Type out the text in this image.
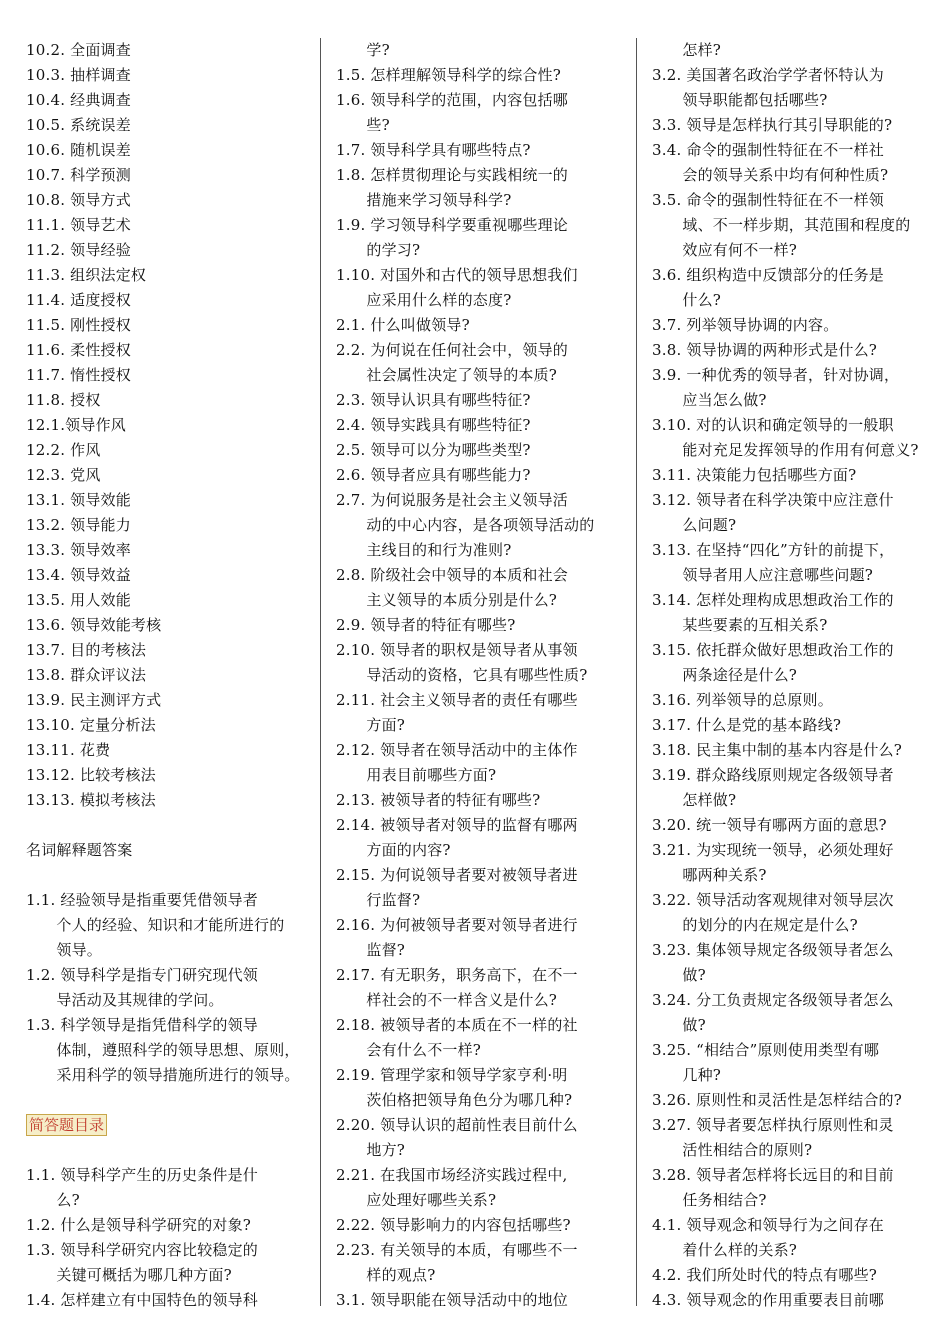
10.2. 全面调查
10.3. 抽样调查
10.4. 经典调查
10.5. 系统误差
10.6. 随机误差
10.7. 科学预测
10.8. 领导方式
11.1. 领导艺术
11.2. 领导经验
11.3. 组织法定权
11.4. 适度授权
11.5. 刚性授权
11.6. 柔性授权
11.7. 惰性授权
11.8. 授权
12.1.领导作风
12.2. 作风
12.3. 党风
13.1. 领导效能
13.2. 领导能力
13.3. 领导效率
13.4. 领导效益
13.5. 用人效能
13.6. 领导效能考核
13.7. 目的考核法
13.8. 群众评议法
13.9. 民主测评方式
13.10. 定量分析法
13.11. 花费
13.12. 比较考核法
13.13. 模拟考核法
名词解释题答案
1.1. 经验领导是指重要凭借领导者
　　个人的经验、知识和才能所进行的
　　领导。
1.2. 领导科学是指专门研究现代领
　　导活动及其规律的学问。
1.3. 科学领导是指凭借科学的领导
　　体制，遵照科学的领导思想、原则，
　　采用科学的领导措施所进行的领导。
简答题目录
1.1. 领导科学产生的历史条件是什
　　么?
1.2. 什么是领导科学研究的对象?
1.3. 领导科学研究内容比较稳定的
　　关键可概括为哪几种方面?
1.4. 怎样建立有中国特色的领导科
　　学?
1.5. 怎样理解领导科学的综合性?
1.6. 领导科学的范围，内容包括哪
　　些?
1.7. 领导科学具有哪些特点?
1.8. 怎样贯彻理论与实践相统一的
　　措施来学习领导科学?
1.9. 学习领导科学要重视哪些理论
　　的学习?
1.10. 对国外和古代的领导思想我们
　　应采用什么样的态度?
2.1. 什么叫做领导?
2.2. 为何说在任何社会中，领导的
　　社会属性决定了领导的本质?
2.3. 领导认识具有哪些特征?
2.4. 领导实践具有哪些特征?
2.5. 领导可以分为哪些类型?
2.6. 领导者应具有哪些能力?
2.7. 为何说服务是社会主义领导活
　　动的中心内容，是各项领导活动的
　　主线目的和行为准则?
2.8. 阶级社会中领导的本质和社会
　　主义领导的本质分别是什么?
2.9. 领导者的特征有哪些?
2.10. 领导者的职权是领导者从事领
　　导活动的资格，它具有哪些性质?
2.11. 社会主义领导者的责任有哪些
　　方面?
2.12. 领导者在领导活动中的主体作
　　用表目前哪些方面?
2.13. 被领导者的特征有哪些?
2.14. 被领导者对领导的监督有哪两
　　方面的内容?
2.15. 为何说领导者要对被领导者进
　　行监督?
2.16. 为何被领导者要对领导者进行
　　监督?
2.17. 有无职务，职务高下，在不一
　　样社会的不一样含义是什么?
2.18. 被领导者的本质在不一样的社
　　会有什么不一样?
2.19. 管理学家和领导学家亨利·明
　　茨伯格把领导角色分为哪几种?
2.20. 领导认识的超前性表目前什么
　　地方?
2.21. 在我国市场经济实践过程中,
　　应处理好哪些关系?
2.22. 领导影响力的内容包括哪些?
2.23. 有关领导的本质，有哪些不一
　　样的观点?
3.1. 领导职能在领导活动中的地位
　　怎样?
3.2. 美国著名政治学学者怀特认为
　　领导职能都包括哪些?
3.3. 领导是怎样执行其引导职能的?
3.4. 命令的强制性特征在不一样社
　　会的领导关系中均有何种性质?
3.5. 命令的强制性特征在不一样领
　　域、不一样步期，其范围和程度的
　　效应有何不一样?
3.6. 组织构造中反馈部分的任务是
　　什么?
3.7. 列举领导协调的内容。
3.8. 领导协调的两种形式是什么?
3.9. 一种优秀的领导者，针对协调，
　　应当怎么做?
3.10. 对的认识和确定领导的一般职
　　能对充足发挥领导的作用有何意义?
3.11. 决策能力包括哪些方面?
3.12. 领导者在科学决策中应注意什
　　么问题?
3.13. 在坚持“四化”方针的前提下，
　　领导者用人应注意哪些问题?
3.14. 怎样处理构成思想政治工作的
　　某些要素的互相关系?
3.15. 依托群众做好思想政治工作的
　　两条途径是什么?
3.16. 列举领导的总原则。
3.17. 什么是党的基本路线?
3.18. 民主集中制的基本内容是什么?
3.19. 群众路线原则规定各级领导者
　　怎样做?
3.20. 统一领导有哪两方面的意思?
3.21. 为实现统一领导，必须处理好
　　哪两种关系?
3.22. 领导活动客观规律对领导层次
　　的划分的内在规定是什么?
3.23. 集体领导规定各级领导者怎么
　　做?
3.24. 分工负责规定各级领导者怎么
　　做?
3.25. “相结合”原则使用类型有哪
　　几种?
3.26. 原则性和灵活性是怎样结合的?
3.27. 领导者要怎样执行原则性和灵
　　活性相结合的原则?
3.28. 领导者怎样将长远目的和目前
　　任务相结合?
4.1. 领导观念和领导行为之间存在
　　着什么样的关系?
4.2. 我们所处时代的特点有哪些?
4.3. 领导观念的作用重要表目前哪
